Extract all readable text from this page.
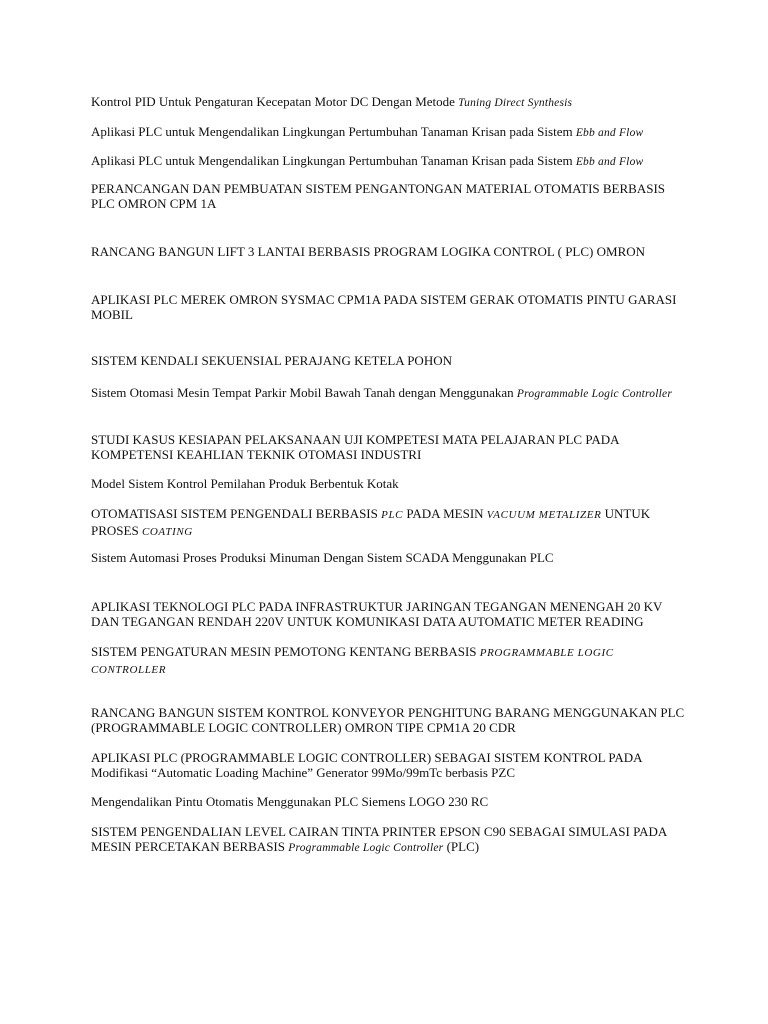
Kontrol PID Untuk Pengaturan Kecepatan Motor DC Dengan Metode Tuning Direct Synthesis

Aplikasi PLC untuk Mengendalikan Lingkungan Pertumbuhan Tanaman Krisan pada Sistem Ebb and Flow

Aplikasi PLC untuk Mengendalikan Lingkungan Pertumbuhan Tanaman Krisan pada Sistem Ebb and Flow

PERANCANGAN DAN PEMBUATAN SISTEM PENGANTONGAN MATERIAL OTOMATIS BERBASIS PLC OMRON CPM 1A

RANCANG BANGUN LIFT 3 LANTAI BERBASIS PROGRAM LOGIKA CONTROL ( PLC) OMRON

APLIKASI PLC MEREK OMRON SYSMAC CPM1A PADA SISTEM GERAK OTOMATIS PINTU GARASI MOBIL

SISTEM KENDALI SEKUENSIAL PERAJANG KETELA POHON

Sistem Otomasi Mesin Tempat Parkir Mobil Bawah Tanah dengan Menggunakan Programmable Logic Controller

STUDI KASUS KESIAPAN PELAKSANAAN UJI KOMPETESI MATA PELAJARAN PLC PADA KOMPETENSI KEAHLIAN TEKNIK OTOMASI INDUSTRI

Model Sistem Kontrol Pemilahan Produk Berbentuk Kotak

OTOMATISASI SISTEM PENGENDALI BERBASIS PLC PADA MESIN VACUUM METALIZER UNTUK PROSES COATING

Sistem Automasi Proses Produksi Minuman Dengan Sistem SCADA Menggunakan PLC

APLIKASI TEKNOLOGI PLC PADA INFRASTRUKTUR JARINGAN TEGANGAN MENENGAH 20 KV DAN TEGANGAN RENDAH 220V UNTUK KOMUNIKASI DATA AUTOMATIC METER READING

SISTEM PENGATURAN MESIN PEMOTONG KENTANG BERBASIS PROGRAMMABLE LOGIC CONTROLLER

RANCANG BANGUN SISTEM KONTROL KONVEYOR PENGHITUNG BARANG MENGGUNAKAN PLC (PROGRAMMABLE LOGIC CONTROLLER) OMRON TIPE CPM1A 20 CDR

APLIKASI PLC (PROGRAMMABLE LOGIC CONTROLLER) SEBAGAI SISTEM KONTROL PADA Modifikasi “Automatic Loading Machine” Generator 99Mo/99mTc berbasis PZC

Mengendalikan Pintu Otomatis Menggunakan PLC Siemens LOGO 230 RC

SISTEM PENGENDALIAN LEVEL CAIRAN TINTA PRINTER EPSON C90 SEBAGAI SIMULASI PADA MESIN PERCETAKAN BERBASIS Programmable Logic Controller (PLC)
